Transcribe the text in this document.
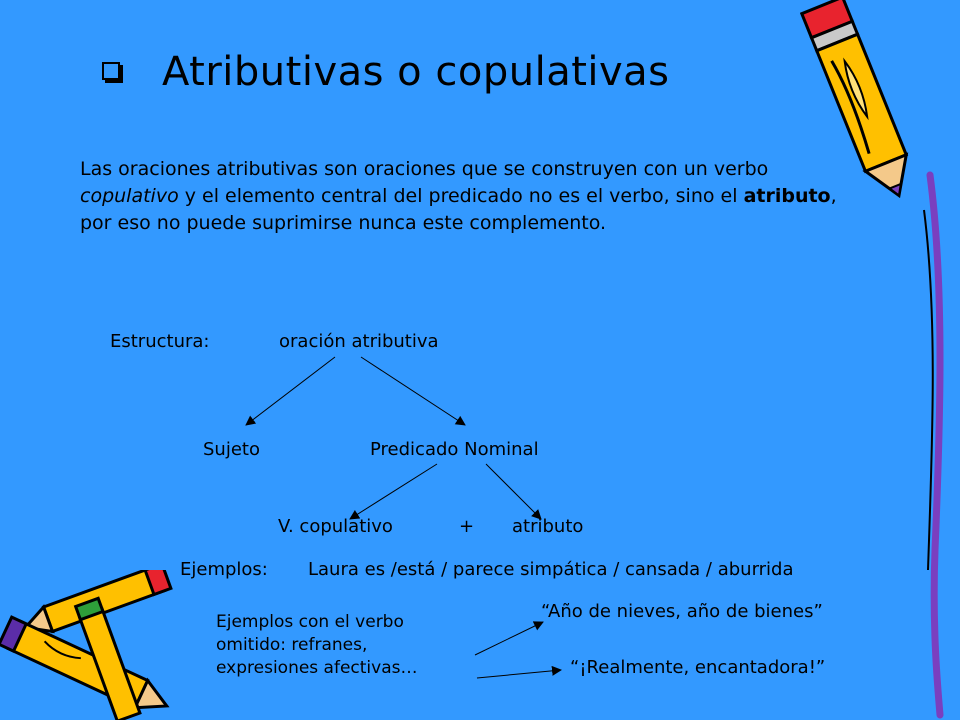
Atributivas o copulativas
Las oraciones atributivas son oraciones que se construyen con un verbo copulativo y el elemento central del predicado no es el verbo, sino el atributo, por eso no puede suprimirse nunca este complemento.
Estructura:	oración atributiva
Sujeto	Predicado Nominal
V. copulativo	+ atributo
Ejemplos: Laura es /está / parece simpática / cansada / aburrida
Ejemplos con el verbo
omitido: refranes,
expresiones afectivas…
“Año de nieves, año de bienes”
“¡Realmente, encantadora!”
